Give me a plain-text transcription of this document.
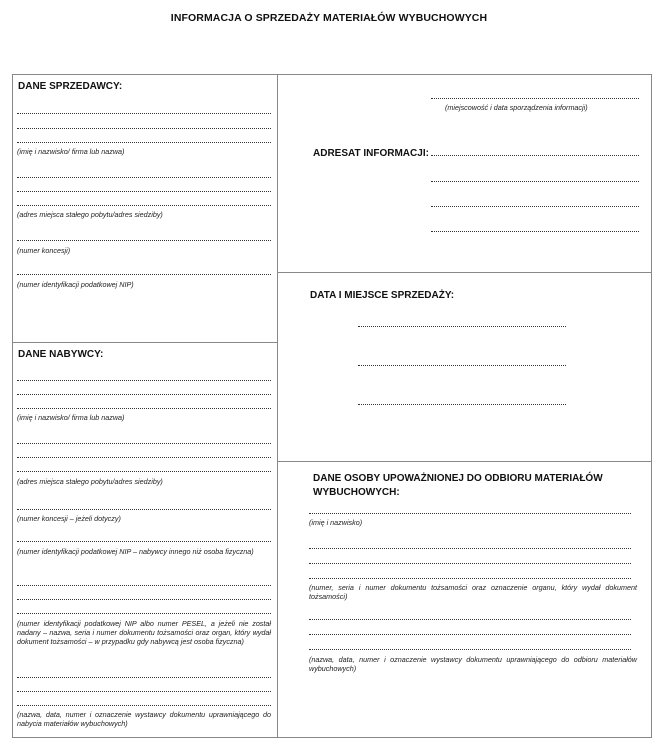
INFORMACJA O SPRZEDAŻY MATERIAŁÓW WYBUCHOWYCH
DANE SPRZEDAWCY:
(imię i nazwisko/ firma lub nazwa)
(adres miejsca stałego pobytu/adres siedziby)
(numer koncesji)
(numer identyfikacji podatkowej NIP)
DANE NABYWCY:
(imię i nazwisko/ firma lub nazwa)
(adres miejsca stałego pobytu/adres siedziby)
(numer koncesji – jeżeli dotyczy)
(numer identyfikacji podatkowej NIP – nabywcy innego niż osoba fizyczna)
(numer identyfikacji podatkowej NIP albo numer PESEL, a jeżeli nie został nadany – nazwa, seria i numer dokumentu tożsamości oraz organ, który wydał dokument tożsamości – w przypadku gdy nabywcą jest osoba fizyczna)
(nazwa, data, numer i oznaczenie wystawcy dokumentu uprawniającego do nabycia materiałów wybuchowych)
(miejscowość i data sporządzenia informacji)
ADRESAT INFORMACJI:
DATA I MIEJSCE SPRZEDAŻY:
DANE OSOBY UPOWAŻNIONEJ DO ODBIORU MATERIAŁÓW
WYBUCHOWYCH:
(imię i nazwisko)
(numer, seria i numer dokumentu tożsamości oraz oznaczenie organu, który wydał dokument tożsamości)
(nazwa, data, numer i oznaczenie wystawcy dokumentu uprawniającego do odbioru materiałów wybuchowych)
